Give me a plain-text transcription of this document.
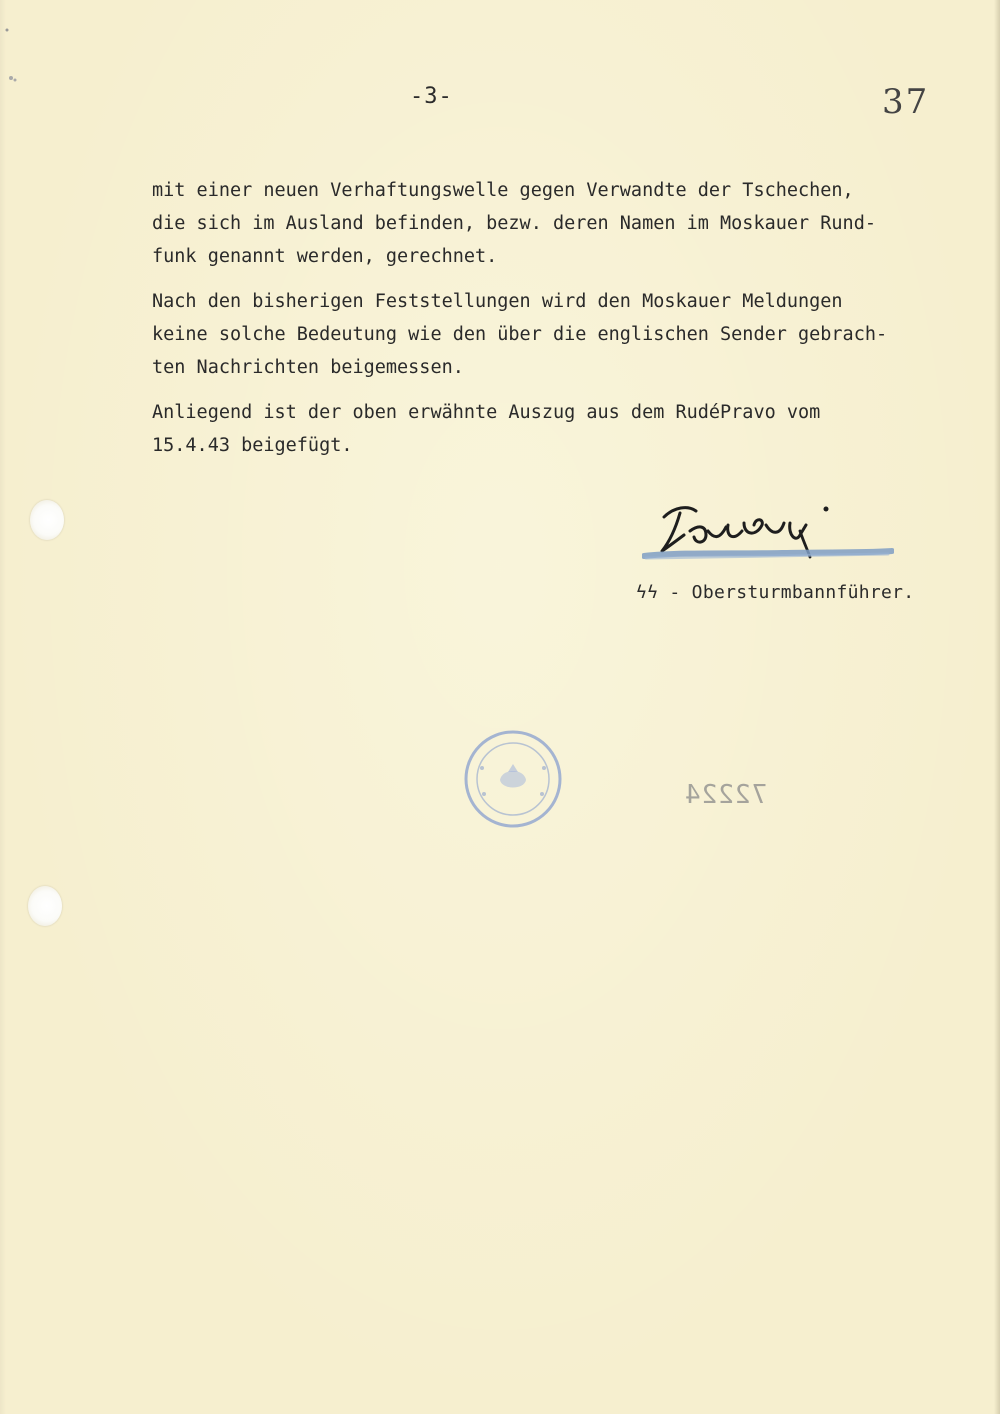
-3-	37

mit einer neuen Verhaftungswelle gegen Verwandte der Tschechen,
die sich im Ausland befinden, bezw. deren Namen im Moskauer Rund-
funk genannt werden, gerechnet.

Nach den bisherigen Feststellungen wird den Moskauer Meldungen
keine solche Bedeutung wie den über die englischen Sender gebrach-
ten Nachrichten beigemessen.

Anliegend ist der oben erwähnte Auszug aus dem RudéPravo vom
15.4.43 beigefügt.

ϟϟ - Obersturmbannführer.
72224
